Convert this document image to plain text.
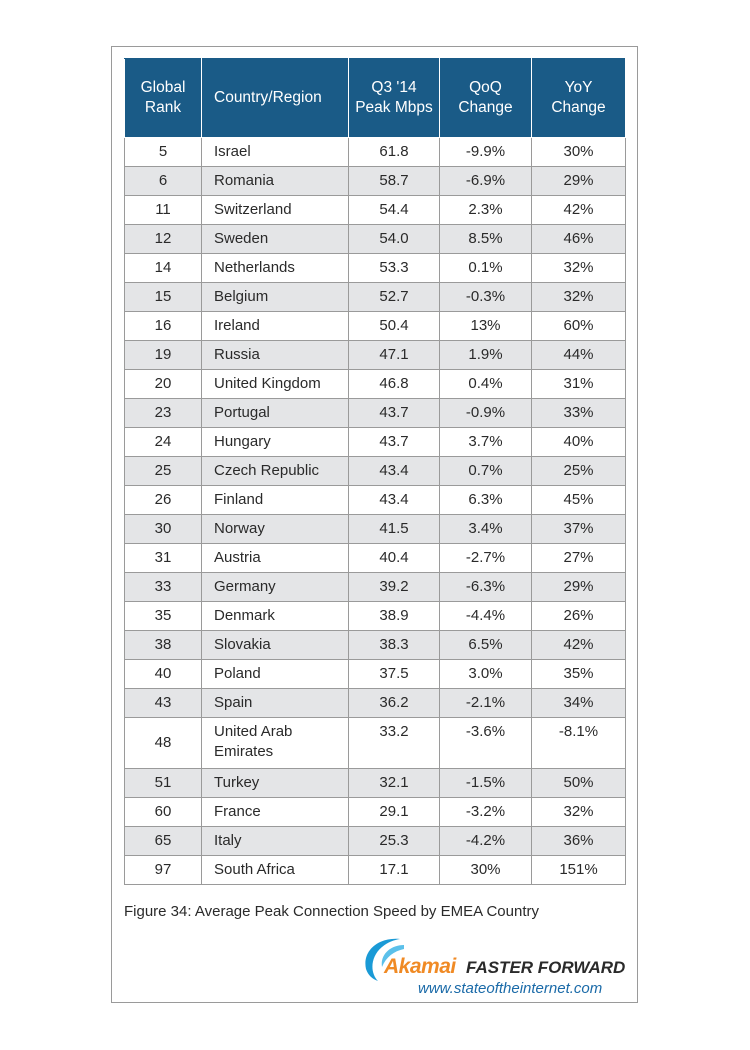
Global Rank	Country/Region	Q3 '14 Peak Mbps	QoQ Change	YoY Change
5	Israel	61.8	-9.9%	30%
6	Romania	58.7	-6.9%	29%
11	Switzerland	54.4	2.3%	42%
12	Sweden	54.0	8.5%	46%
14	Netherlands	53.3	0.1%	32%
15	Belgium	52.7	-0.3%	32%
16	Ireland	50.4	13%	60%
19	Russia	47.1	1.9%	44%
20	United Kingdom	46.8	0.4%	31%
23	Portugal	43.7	-0.9%	33%
24	Hungary	43.7	3.7%	40%
25	Czech Republic	43.4	0.7%	25%
26	Finland	43.4	6.3%	45%
30	Norway	41.5	3.4%	37%
31	Austria	40.4	-2.7%	27%
33	Germany	39.2	-6.3%	29%
35	Denmark	38.9	-4.4%	26%
38	Slovakia	38.3	6.5%	42%
40	Poland	37.5	3.0%	35%
43	Spain	36.2	-2.1%	34%
48	United Arab Emirates	33.2	-3.6%	-8.1%
51	Turkey	32.1	-1.5%	50%
60	France	29.1	-3.2%	32%
65	Italy	25.3	-4.2%	36%
97	South Africa	17.1	30%	151%
Figure 34: Average Peak Connection Speed by EMEA Country
Akamai FASTER FORWARD
www.stateoftheinternet.com
